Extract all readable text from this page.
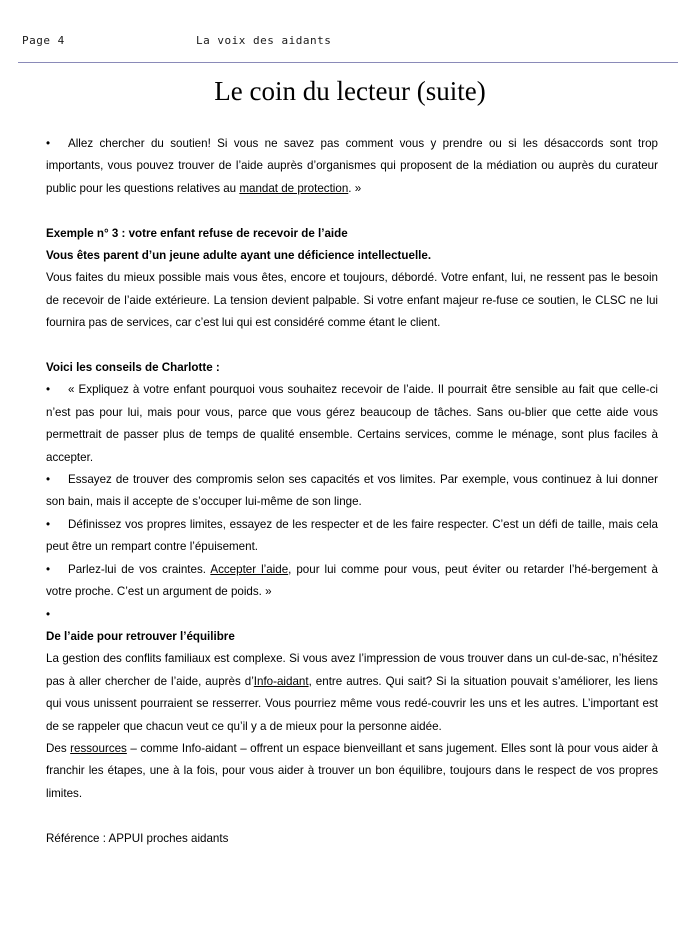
Page 4	La voix des aidants
Le coin du lecteur (suite)

• Allez chercher du soutien! Si vous ne savez pas comment vous y prendre ou si les désaccords sont trop importants, vous pouvez trouver de l’aide auprès d’organismes qui proposent de la médiation ou auprès du curateur public pour les questions relatives au mandat de protection. »

Exemple n° 3 : votre enfant refuse de recevoir de l’aide

Vous êtes parent d’un jeune adulte ayant une déficience intellectuelle.

Vous faites du mieux possible mais vous êtes, encore et toujours, débordé. Votre enfant, lui, ne ressent pas le besoin de recevoir de l’aide extérieure. La tension devient palpable. Si votre enfant majeur re-fuse ce soutien, le CLSC ne lui fournira pas de services, car c’est lui qui est considéré comme étant le client.

Voici les conseils de Charlotte :

• « Expliquez à votre enfant pourquoi vous souhaitez recevoir de l’aide. Il pourrait être sensible au fait que celle-ci n’est pas pour lui, mais pour vous, parce que vous gérez beaucoup de tâches. Sans ou-blier que cette aide vous permettrait de passer plus de temps de qualité ensemble. Certains services, comme le ménage, sont plus faciles à accepter.

• Essayez de trouver des compromis selon ses capacités et vos limites. Par exemple, vous continuez à lui donner son bain, mais il accepte de s’occuper lui-même de son linge.

• Définissez vos propres limites, essayez de les respecter et de les faire respecter. C’est un défi de taille, mais cela peut être un rempart contre l’épuisement.

• Parlez-lui de vos craintes. Accepter l’aide, pour lui comme pour vous, peut éviter ou retarder l’hé-bergement à votre proche. C’est un argument de poids. »

•

De l’aide pour retrouver l’équilibre

La gestion des conflits familiaux est complexe. Si vous avez l’impression de vous trouver dans un cul-de-sac, n’hésitez pas à aller chercher de l’aide, auprès d’Info-aidant, entre autres. Qui sait? Si la situation pouvait s’améliorer, les liens qui vous unissent pourraient se resserrer. Vous pourriez même vous redé-couvrir les uns et les autres. L’important est de se rappeler que chacun veut ce qu’il y a de mieux pour la personne aidée.

Des ressources – comme Info-aidant – offrent un espace bienveillant et sans jugement. Elles sont là pour vous aider à franchir les étapes, une à la fois, pour vous aider à trouver un bon équilibre, toujours dans le respect de vos propres limites.

Référence : APPUI proches aidants
